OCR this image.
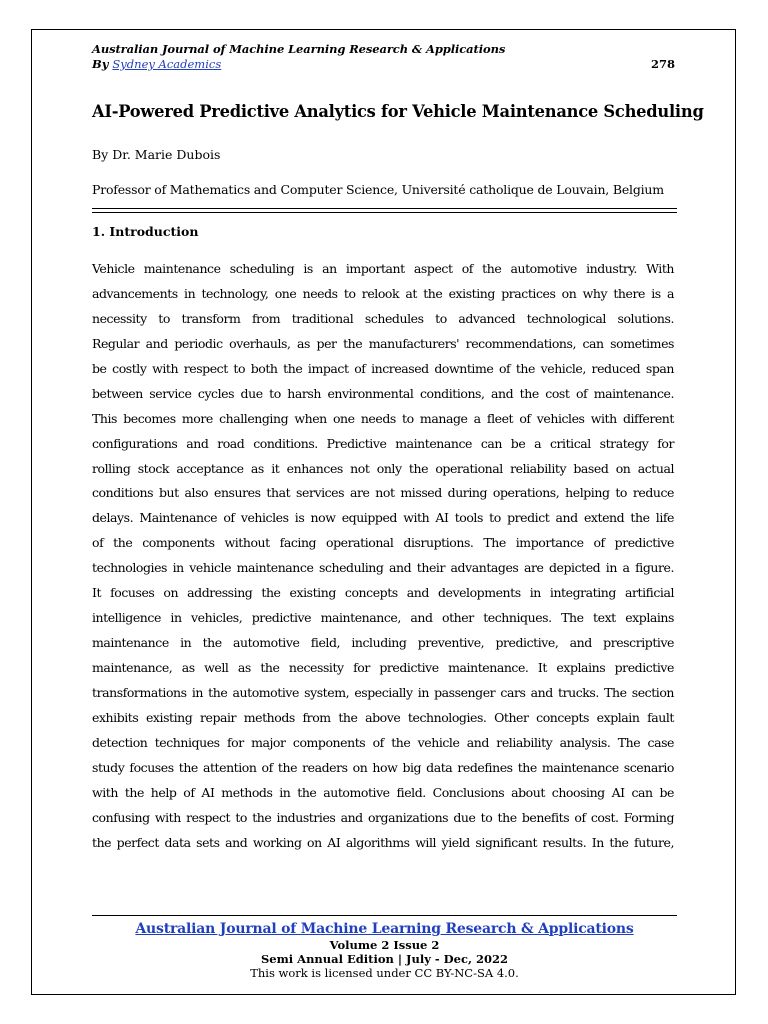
Australian Journal of Machine Learning Research & Applications
By Sydney Academics	278
AI-Powered Predictive Analytics for Vehicle Maintenance Scheduling
By Dr. Marie Dubois
Professor of Mathematics and Computer Science, Université catholique de Louvain, Belgium
1. Introduction
Vehicle maintenance scheduling is an important aspect of the automotive industry. With
advancements in technology, one needs to relook at the existing practices on why there is a
necessity to transform from traditional schedules to advanced technological solutions.
Regular and periodic overhauls, as per the manufacturers' recommendations, can sometimes
be costly with respect to both the impact of increased downtime of the vehicle, reduced span
between service cycles due to harsh environmental conditions, and the cost of maintenance.
This becomes more challenging when one needs to manage a fleet of vehicles with different
configurations and road conditions. Predictive maintenance can be a critical strategy for
rolling stock acceptance as it enhances not only the operational reliability based on actual
conditions but also ensures that services are not missed during operations, helping to reduce
delays. Maintenance of vehicles is now equipped with AI tools to predict and extend the life
of the components without facing operational disruptions. The importance of predictive
technologies in vehicle maintenance scheduling and their advantages are depicted in a figure.
It focuses on addressing the existing concepts and developments in integrating artificial
intelligence in vehicles, predictive maintenance, and other techniques. The text explains
maintenance in the automotive field, including preventive, predictive, and prescriptive
maintenance, as well as the necessity for predictive maintenance. It explains predictive
transformations in the automotive system, especially in passenger cars and trucks. The section
exhibits existing repair methods from the above technologies. Other concepts explain fault
detection techniques for major components of the vehicle and reliability analysis. The case
study focuses the attention of the readers on how big data redefines the maintenance scenario
with the help of AI methods in the automotive field. Conclusions about choosing AI can be
confusing with respect to the industries and organizations due to the benefits of cost. Forming
the perfect data sets and working on AI algorithms will yield significant results. In the future,
Australian Journal of Machine Learning Research & Applications
Volume 2 Issue 2
Semi Annual Edition | July - Dec, 2022
This work is licensed under CC BY-NC-SA 4.0.
